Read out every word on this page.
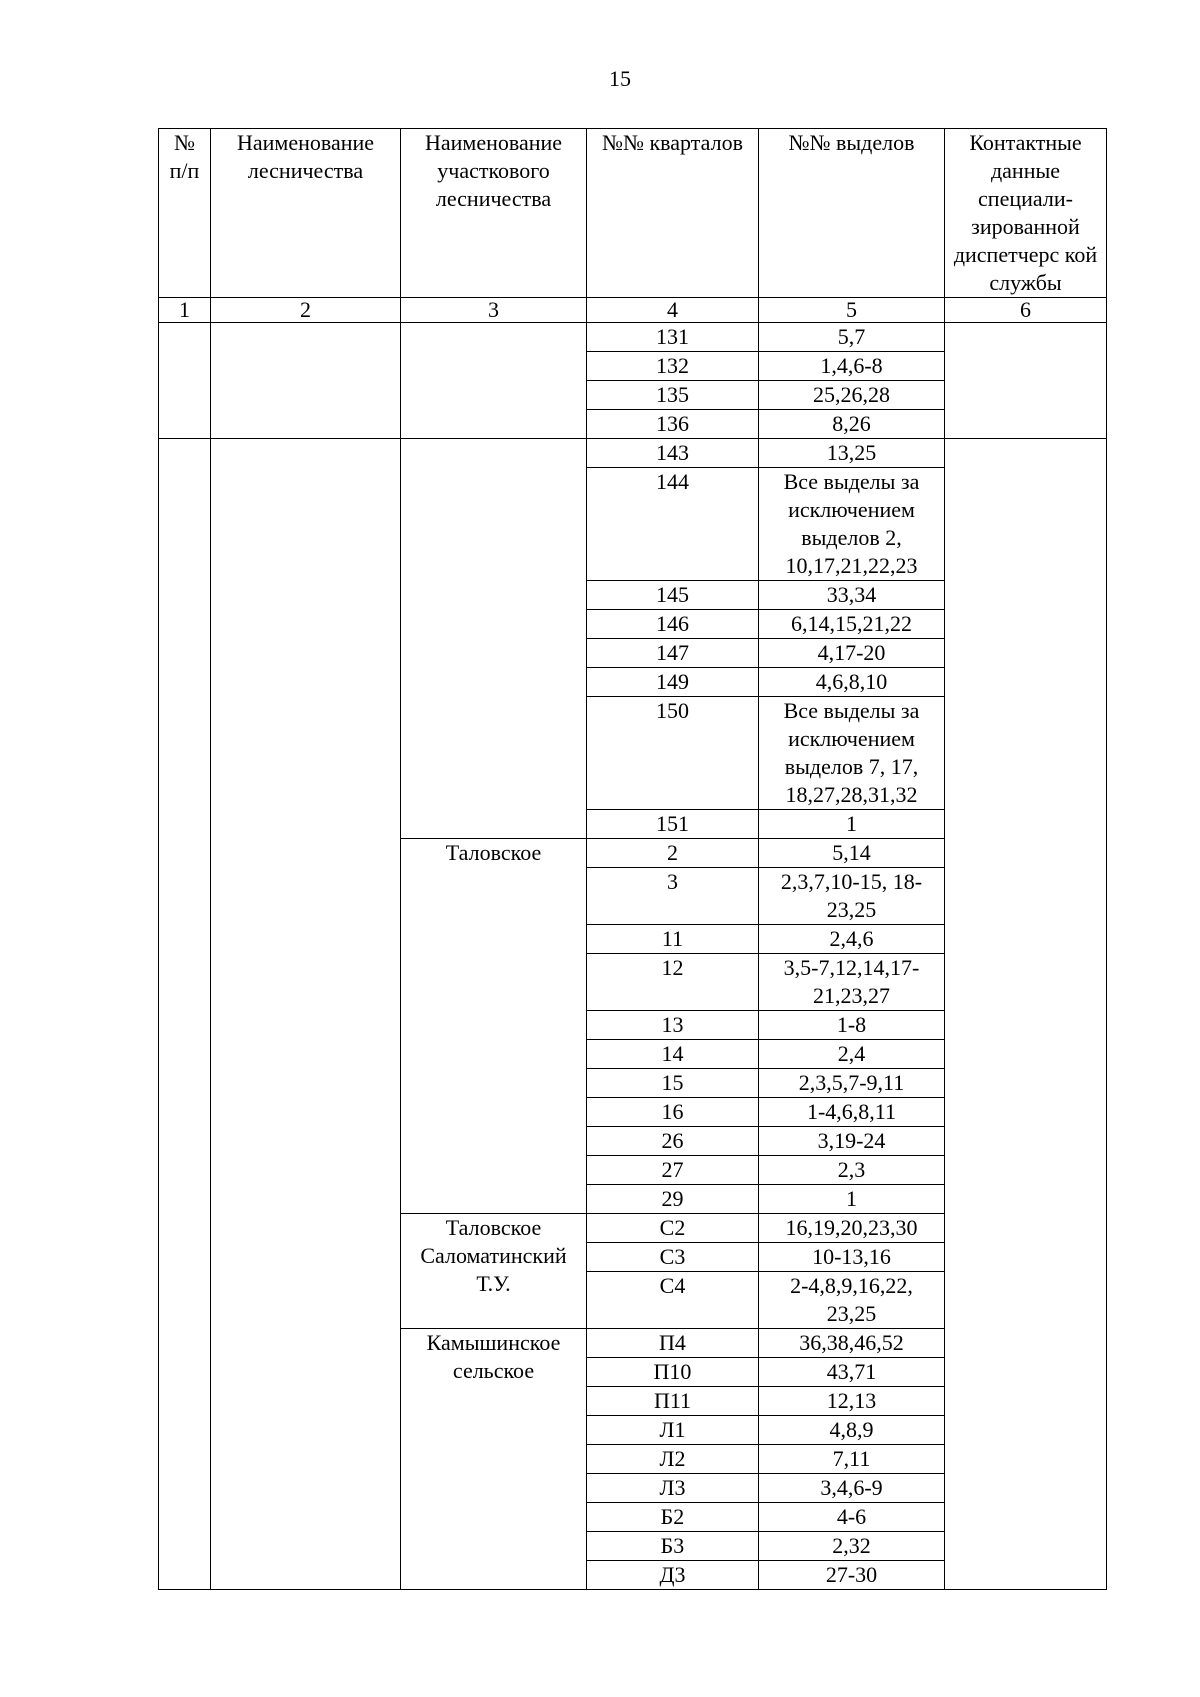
15
№ п/п	Наименование лесничества	Наименование участкового лесничества	№№ кварталов	№№ выделов	Контактные данные специали-зированной диспетчерс кой службы
1	2	3	4	5	6
			131	5,7	
			132	1,4,6-8	
			135	25,26,28	
			136	8,26	
			143	13,25	
			144	Все выделы за исключением выделов 2, 10,17,21,22,23	
			145	33,34	
			146	6,14,15,21,22	
			147	4,17-20	
			149	4,6,8,10	
			150	Все выделы за исключением выделов 7, 17, 18,27,28,31,32	
			151	1	
		Таловское	2	5,14	
			3	2,3,7,10-15, 18-23,25	
			11	2,4,6	
			12	3,5-7,12,14,17-21,23,27	
			13	1-8	
			14	2,4	
			15	2,3,5,7-9,11	
			16	1-4,6,8,11	
			26	3,19-24	
			27	2,3	
			29	1	
		Таловское Саломатинский Т.У.	С2	16,19,20,23,30	
			С3	10-13,16	
			С4	2-4,8,9,16,22, 23,25	
		Камышинское сельское	П4	36,38,46,52	
			П10	43,71	
			П11	12,13	
			Л1	4,8,9	
			Л2	7,11	
			Л3	3,4,6-9	
			Б2	4-6	
			Б3	2,32	
			Д3	27-30	
